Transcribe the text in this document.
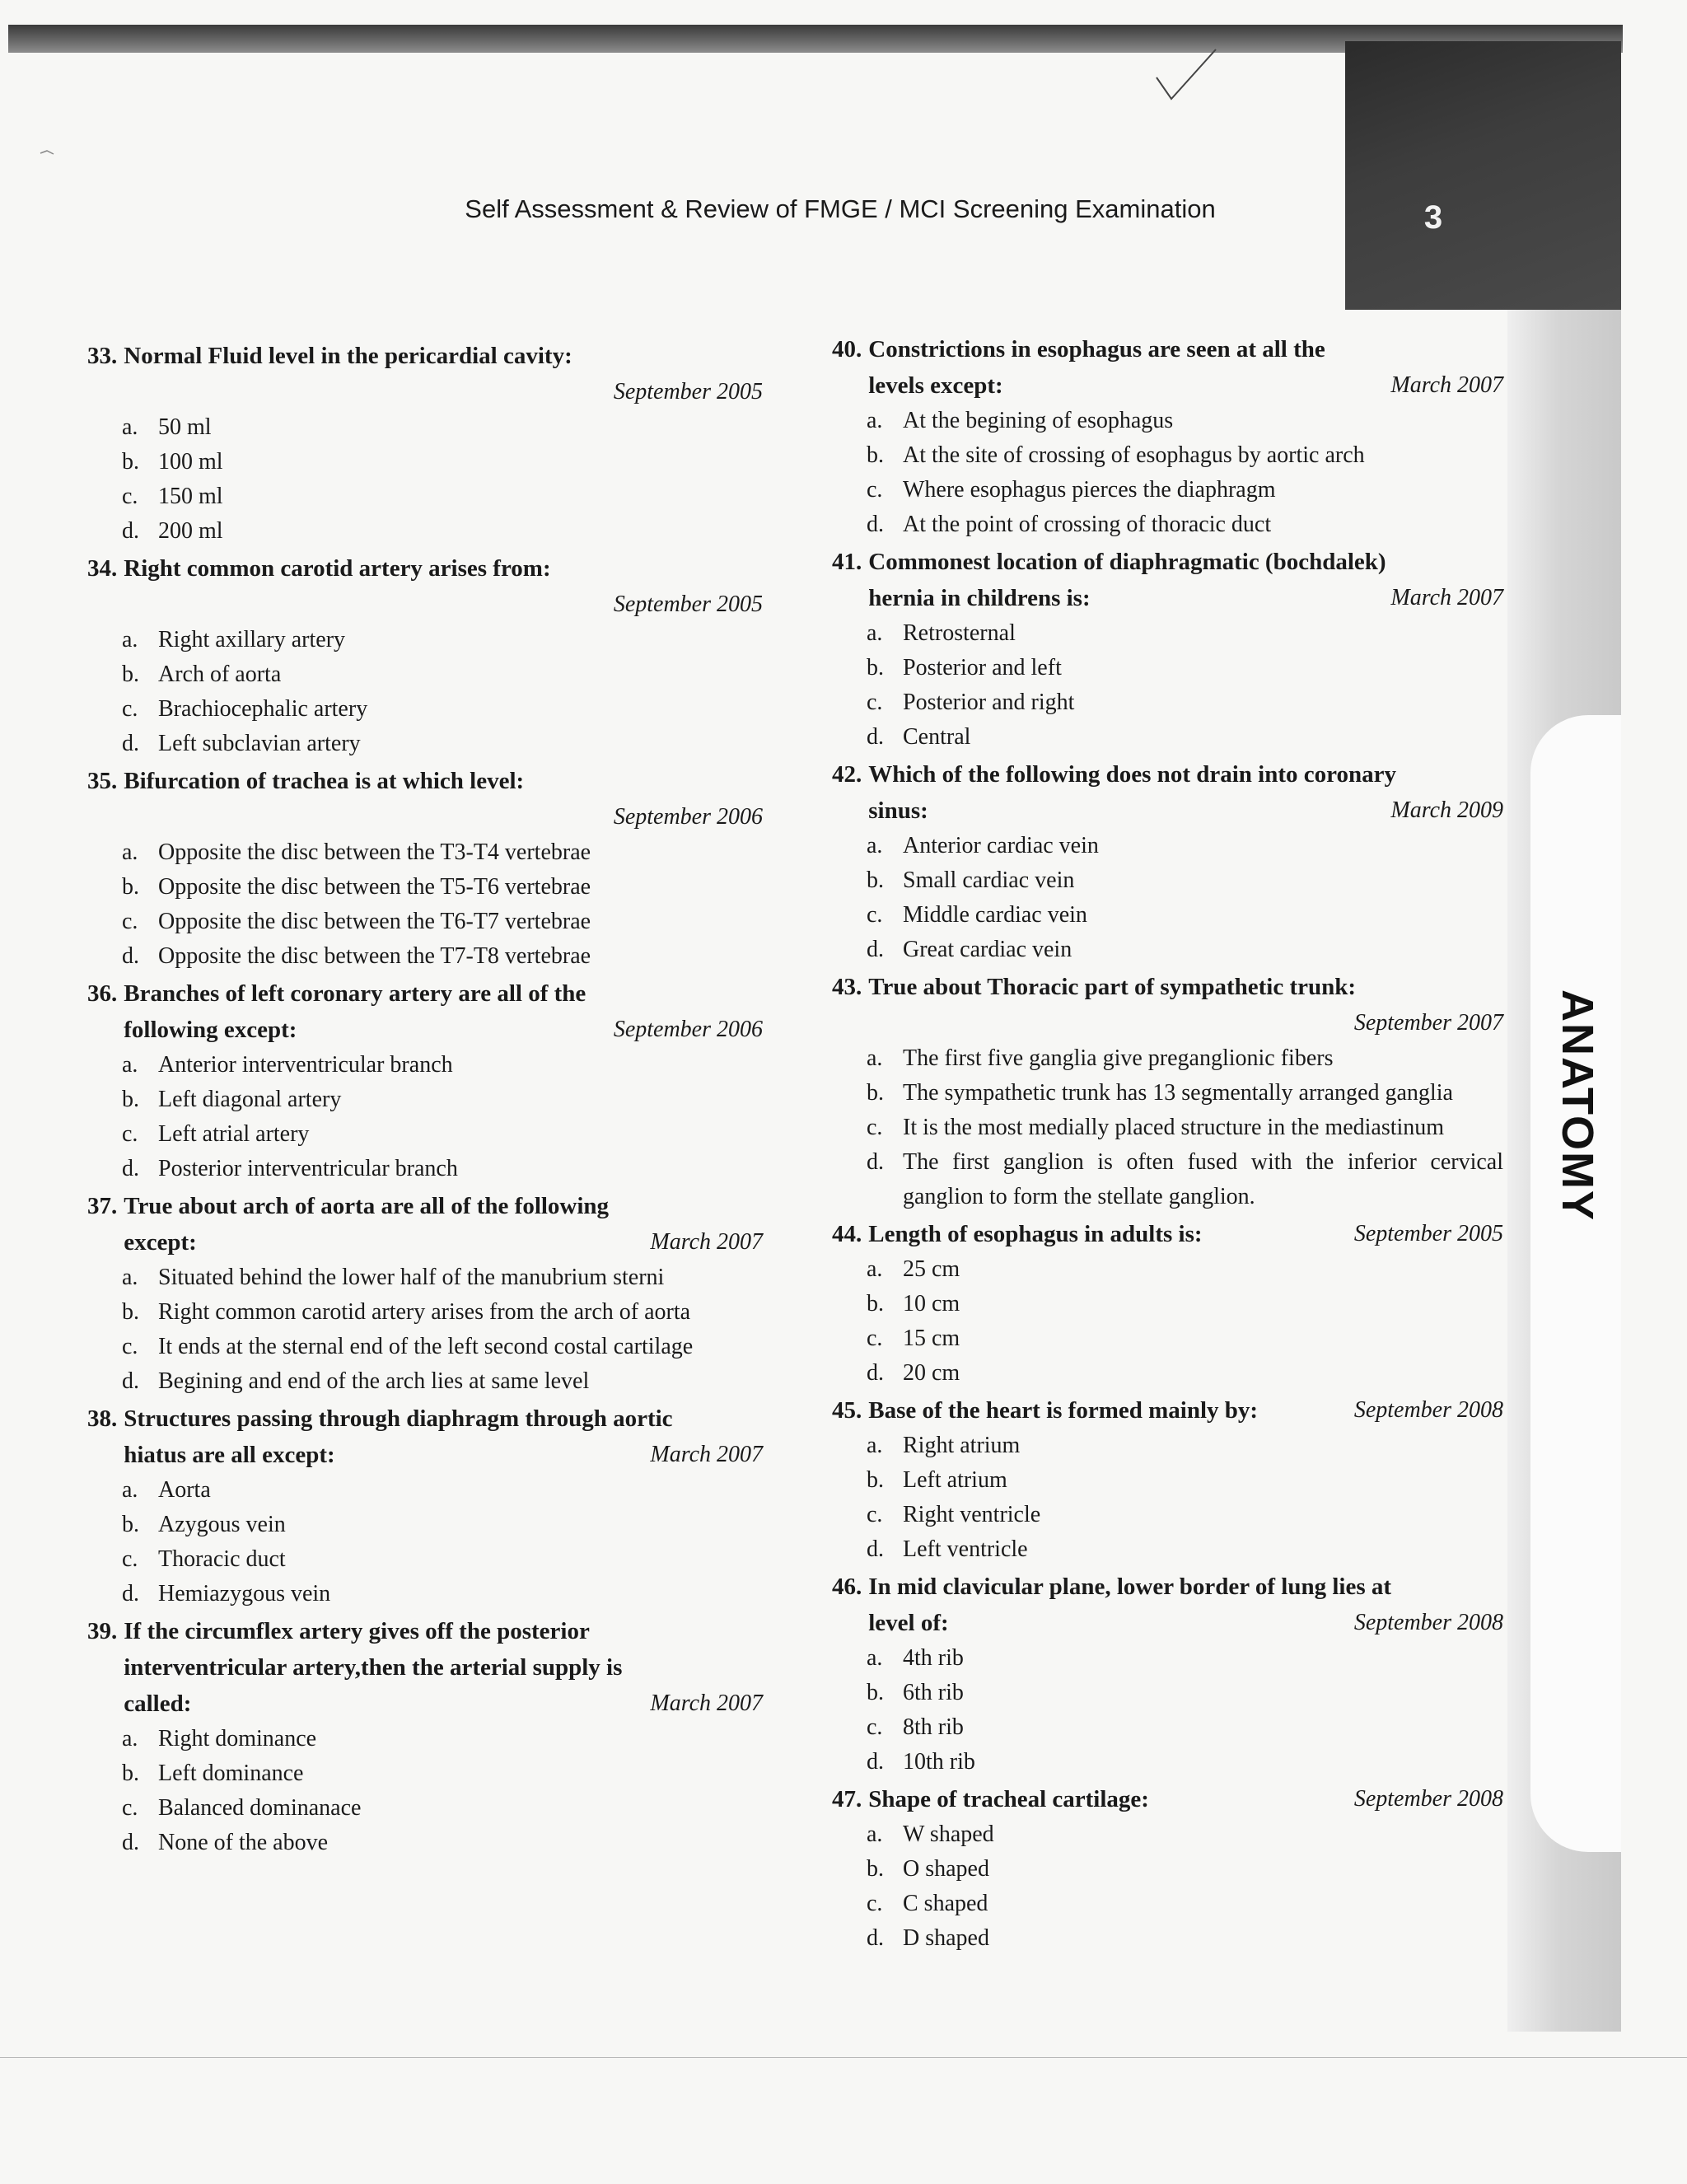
3
ANATOMY
Self Assessment & Review of FMGE / MCI Screening Examination
33. Normal Fluid level in the pericardial cavity:
September 2005
a. 50 ml
b. 100 ml
c. 150 ml
d. 200 ml
34. Right common carotid artery arises from:
September 2005
a. Right axillary artery
b. Arch of aorta
c. Brachiocephalic artery
d. Left subclavian artery
35. Bifurcation of trachea is at which level:
September 2006
a. Opposite the disc between the T3-T4 vertebrae
b. Opposite the disc between the T5-T6 vertebrae
c. Opposite the disc between the T6-T7 vertebrae
d. Opposite the disc between the T7-T8 vertebrae
36. Branches of left coronary artery are all of the
following except:	September 2006
a. Anterior interventricular branch
b. Left diagonal artery
c. Left atrial artery
d. Posterior interventricular branch
37. True about arch of aorta are all of the following
except:	March 2007
a. Situated behind the lower half of the manubrium sterni
b. Right common carotid artery arises from the arch of aorta
c. It ends at the sternal end of the left second costal cartilage
d. Begining and end of the arch lies at same level
38. Structures passing through diaphragm through aortic
hiatus are all except:	March 2007
a. Aorta
b. Azygous vein
c. Thoracic duct
d. Hemiazygous vein
39. If the circumflex artery gives off the posterior
interventricular artery,then the arterial supply is
called:	March 2007
a. Right dominance
b. Left dominance
c. Balanced dominanace
d. None of the above
40. Constrictions in esophagus are seen at all the
levels except:	March 2007
a. At the begining of esophagus
b. At the site of crossing of esophagus by aortic arch
c. Where esophagus pierces the diaphragm
d. At the point of crossing of thoracic duct
41. Commonest location of diaphragmatic (bochdalek)
hernia in childrens is:	March 2007
a. Retrosternal
b. Posterior and left
c. Posterior and right
d. Central
42. Which of the following does not drain into coronary
sinus:	March 2009
a. Anterior cardiac vein
b. Small cardiac vein
c. Middle cardiac vein
d. Great cardiac vein
43. True about Thoracic part of sympathetic trunk:
September 2007
a. The first five ganglia give preganglionic fibers
b. The sympathetic trunk has 13 segmentally arranged ganglia
c. It is the most medially placed structure in the mediastinum
d. The first ganglion is often fused with the inferior cervical ganglion to form the stellate ganglion.
44. Length of esophagus in adults is:	September 2005
a. 25 cm
b. 10 cm
c. 15 cm
d. 20 cm
45. Base of the heart is formed mainly by:	September 2008
a. Right atrium
b. Left atrium
c. Right ventricle
d. Left ventricle
46. In mid clavicular plane, lower border of lung lies at
level of:	September 2008
a. 4th rib
b. 6th rib
c. 8th rib
d. 10th rib
47. Shape of tracheal cartilage:	September 2008
a. W shaped
b. O shaped
c. C shaped
d. D shaped
